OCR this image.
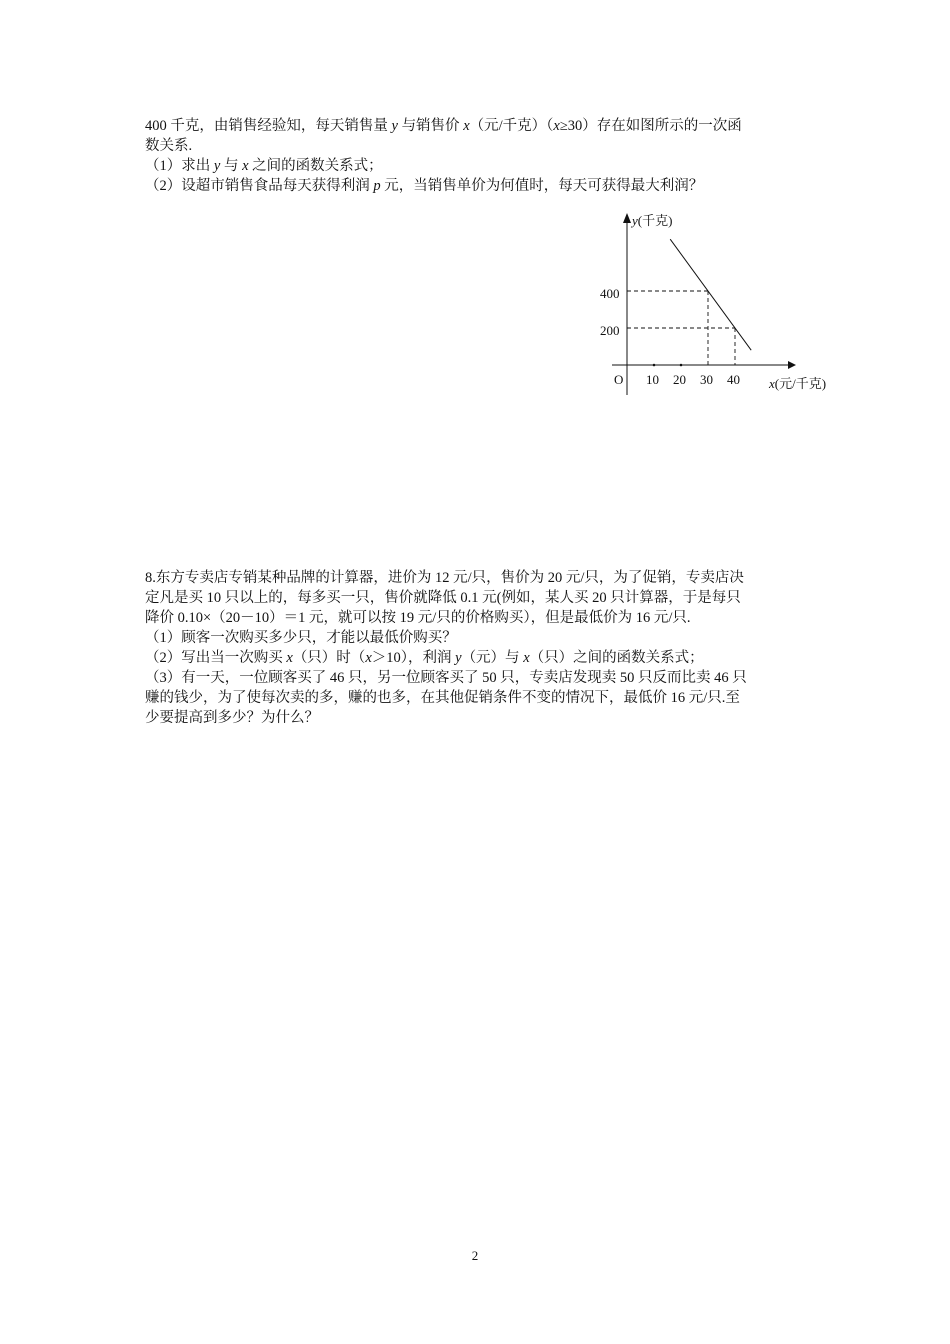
400 千克，由销售经验知，每天销售量 y 与销售价 x（元/千克）（x≥30）存在如图所示的一次函
数关系.
（1）求出 y 与 x 之间的函数关系式；
（2）设超市销售食品每天获得利润 p 元，当销售单价为何值时，每天可获得最大利润？
y(千克)
x(元/千克)
O 10 20 30 40
400
200
8.东方专卖店专销某种品牌的计算器，进价为 12 元/只，售价为 20 元/只，为了促销，专卖店决
定凡是买 10 只以上的，每多买一只，售价就降低 0.1 元(例如，某人买 20 只计算器，于是每只
降价 0.10×（20－10）＝1 元，就可以按 19 元/只的价格购买），但是最低价为 16 元/只.
（1）顾客一次购买多少只，才能以最低价购买？
（2）写出当一次购买 x（只）时（x＞10），利润 y（元）与 x（只）之间的函数关系式；
（3）有一天，一位顾客买了 46 只，另一位顾客买了 50 只，专卖店发现卖 50 只反而比卖 46 只
赚的钱少，为了使每次卖的多，赚的也多，在其他促销条件不变的情况下，最低价 16 元/只.至
少要提高到多少？为什么？
2
